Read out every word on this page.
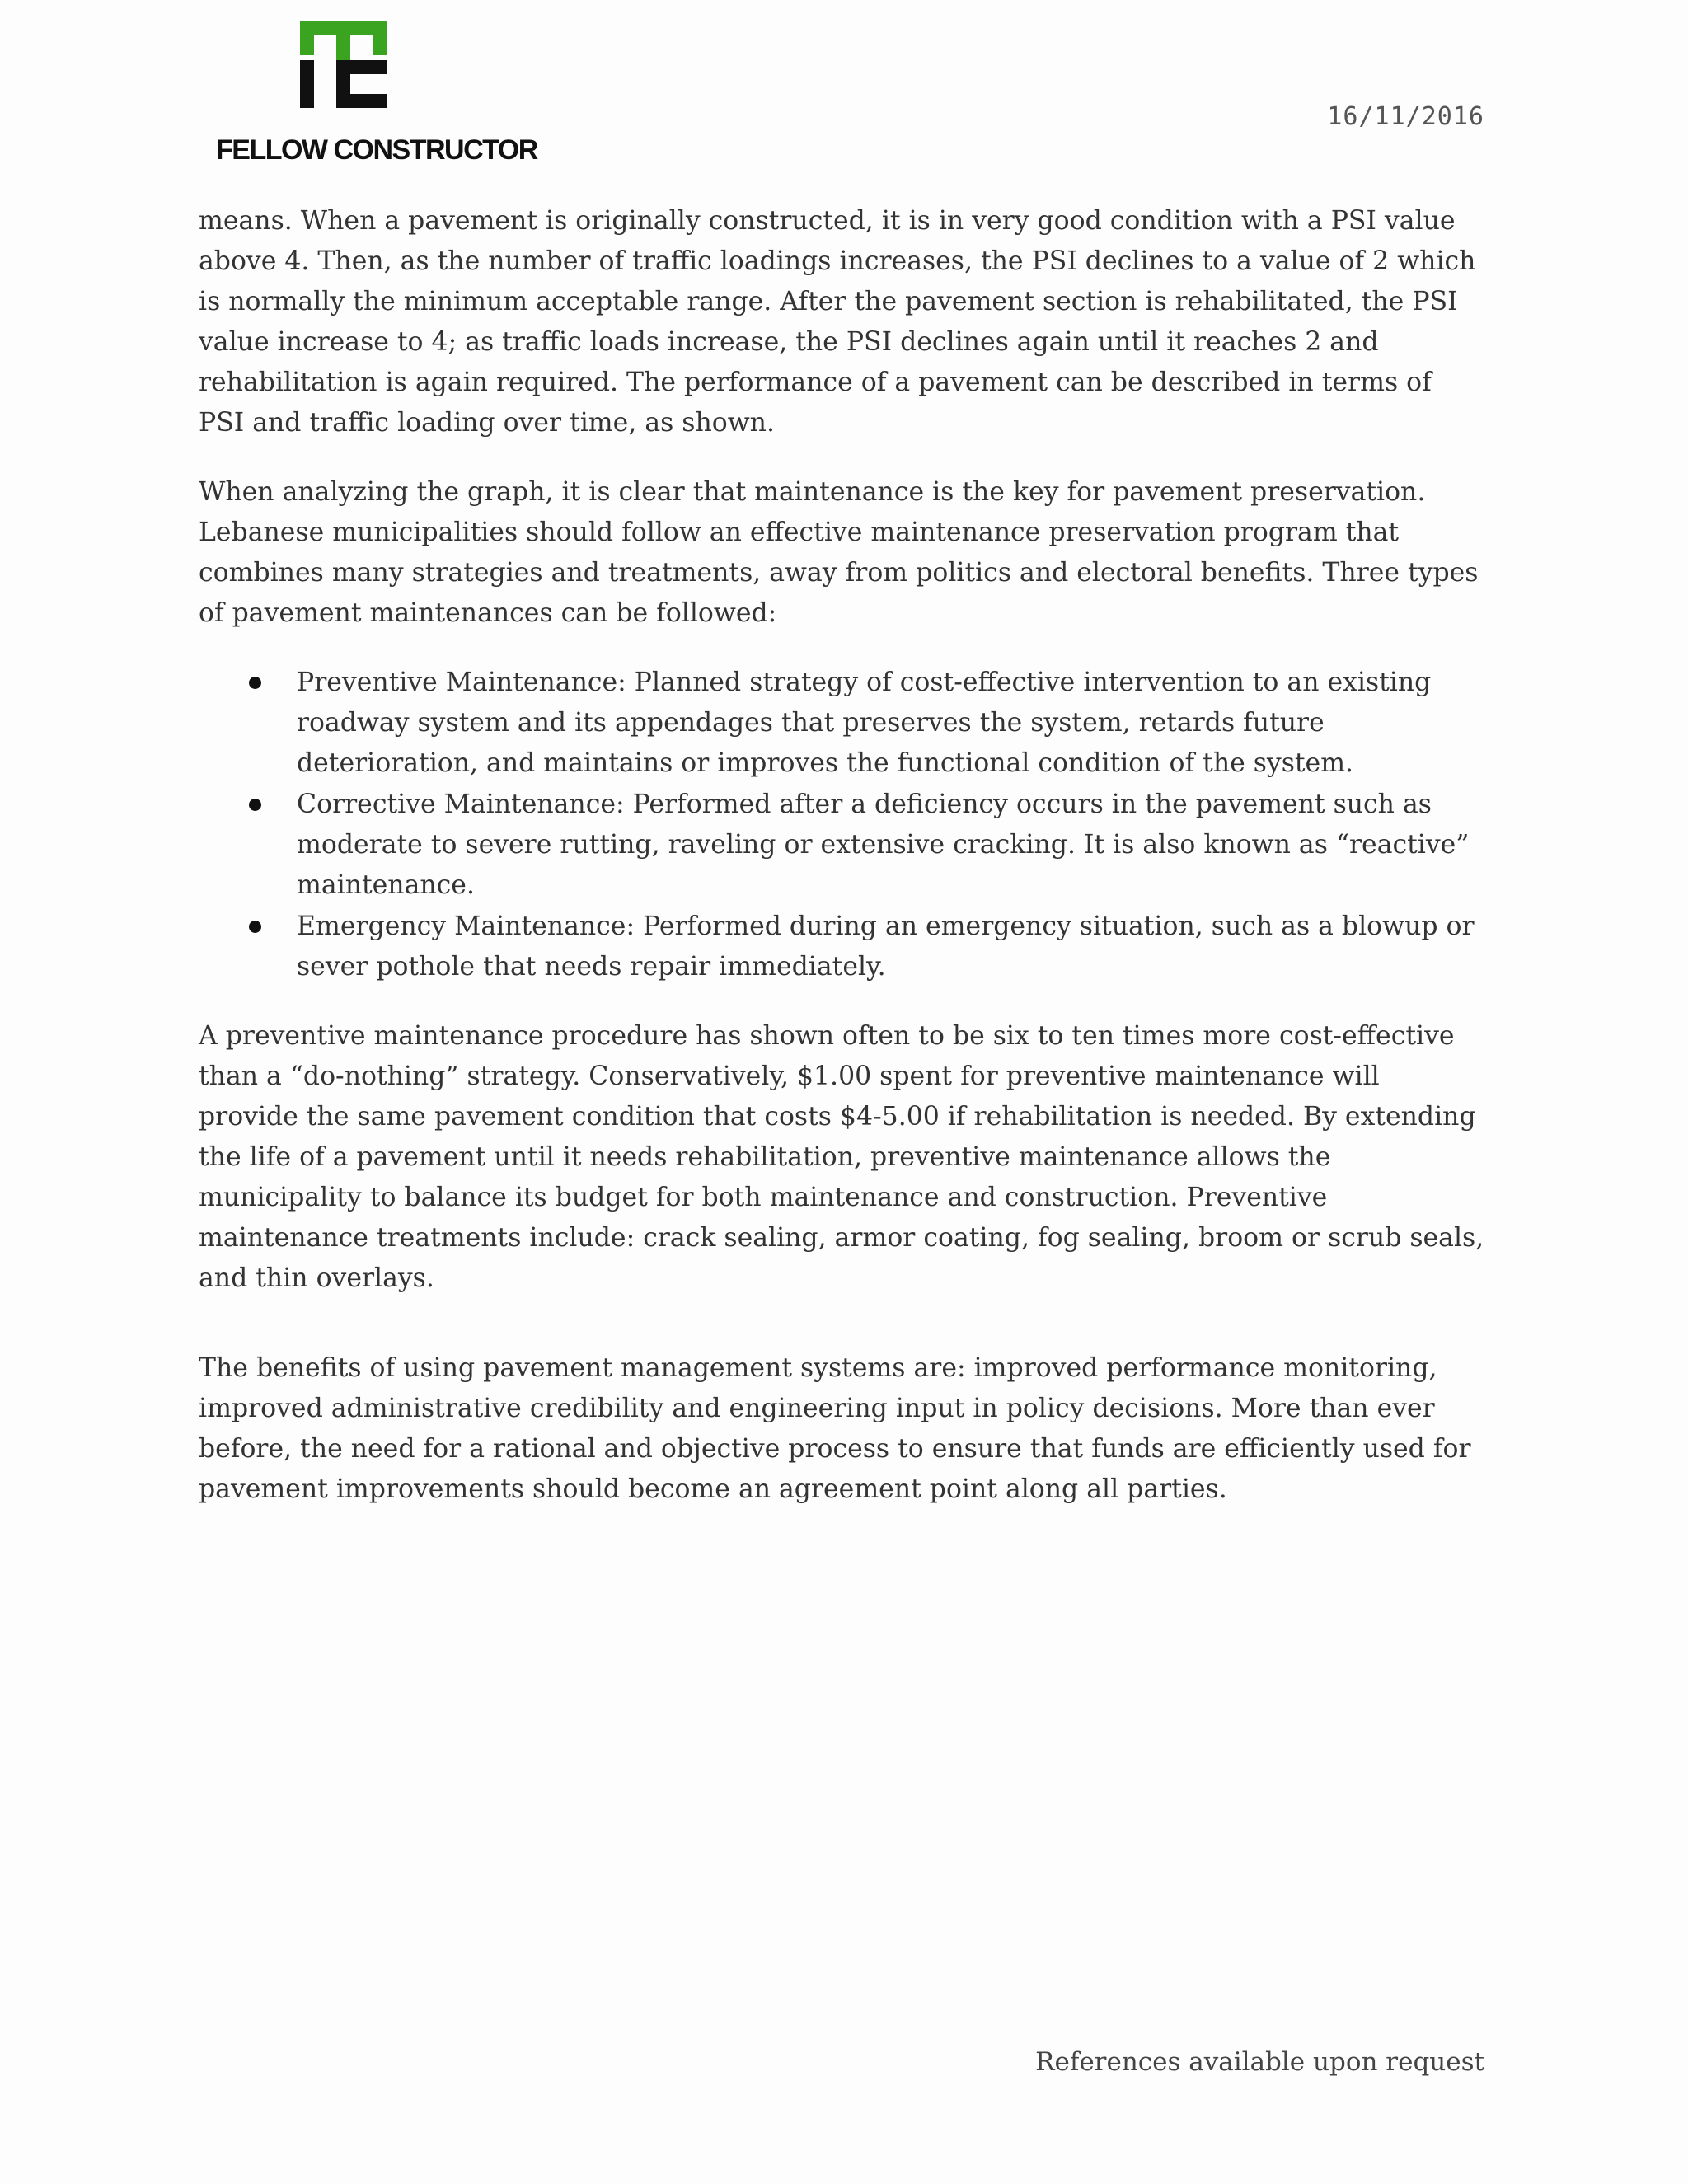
FELLOW CONSTRUCTOR
16/11/2016

means. When a pavement is originally constructed, it is in very good condition with a PSI value above 4. Then, as the number of traffic loadings increases, the PSI declines to a value of 2 which is normally the minimum acceptable range. After the pavement section is rehabilitated, the PSI value increase to 4; as traffic loads increase, the PSI declines again until it reaches 2 and rehabilitation is again required. The performance of a pavement can be described in terms of PSI and traffic loading over time, as shown.

When analyzing the graph, it is clear that maintenance is the key for pavement preservation. Lebanese municipalities should follow an effective maintenance preservation program that combines many strategies and treatments, away from politics and electoral benefits. Three types of pavement maintenances can be followed:

Preventive Maintenance: Planned strategy of cost-effective intervention to an existing roadway system and its appendages that preserves the system, retards future deterioration, and maintains or improves the functional condition of the system.
Corrective Maintenance: Performed after a deficiency occurs in the pavement such as moderate to severe rutting, raveling or extensive cracking. It is also known as “reactive” maintenance.
Emergency Maintenance: Performed during an emergency situation, such as a blowup or sever pothole that needs repair immediately.

A preventive maintenance procedure has shown often to be six to ten times more cost-effective than a “do-nothing” strategy. Conservatively, $1.00 spent for preventive maintenance will provide the same pavement condition that costs $4-5.00 if rehabilitation is needed. By extending the life of a pavement until it needs rehabilitation, preventive maintenance allows the municipality to balance its budget for both maintenance and construction. Preventive maintenance treatments include: crack sealing, armor coating, fog sealing, broom or scrub seals, and thin overlays.

The benefits of using pavement management systems are: improved performance monitoring, improved administrative credibility and engineering input in policy decisions. More than ever before, the need for a rational and objective process to ensure that funds are efficiently used for pavement improvements should become an agreement point along all parties.

References available upon request
